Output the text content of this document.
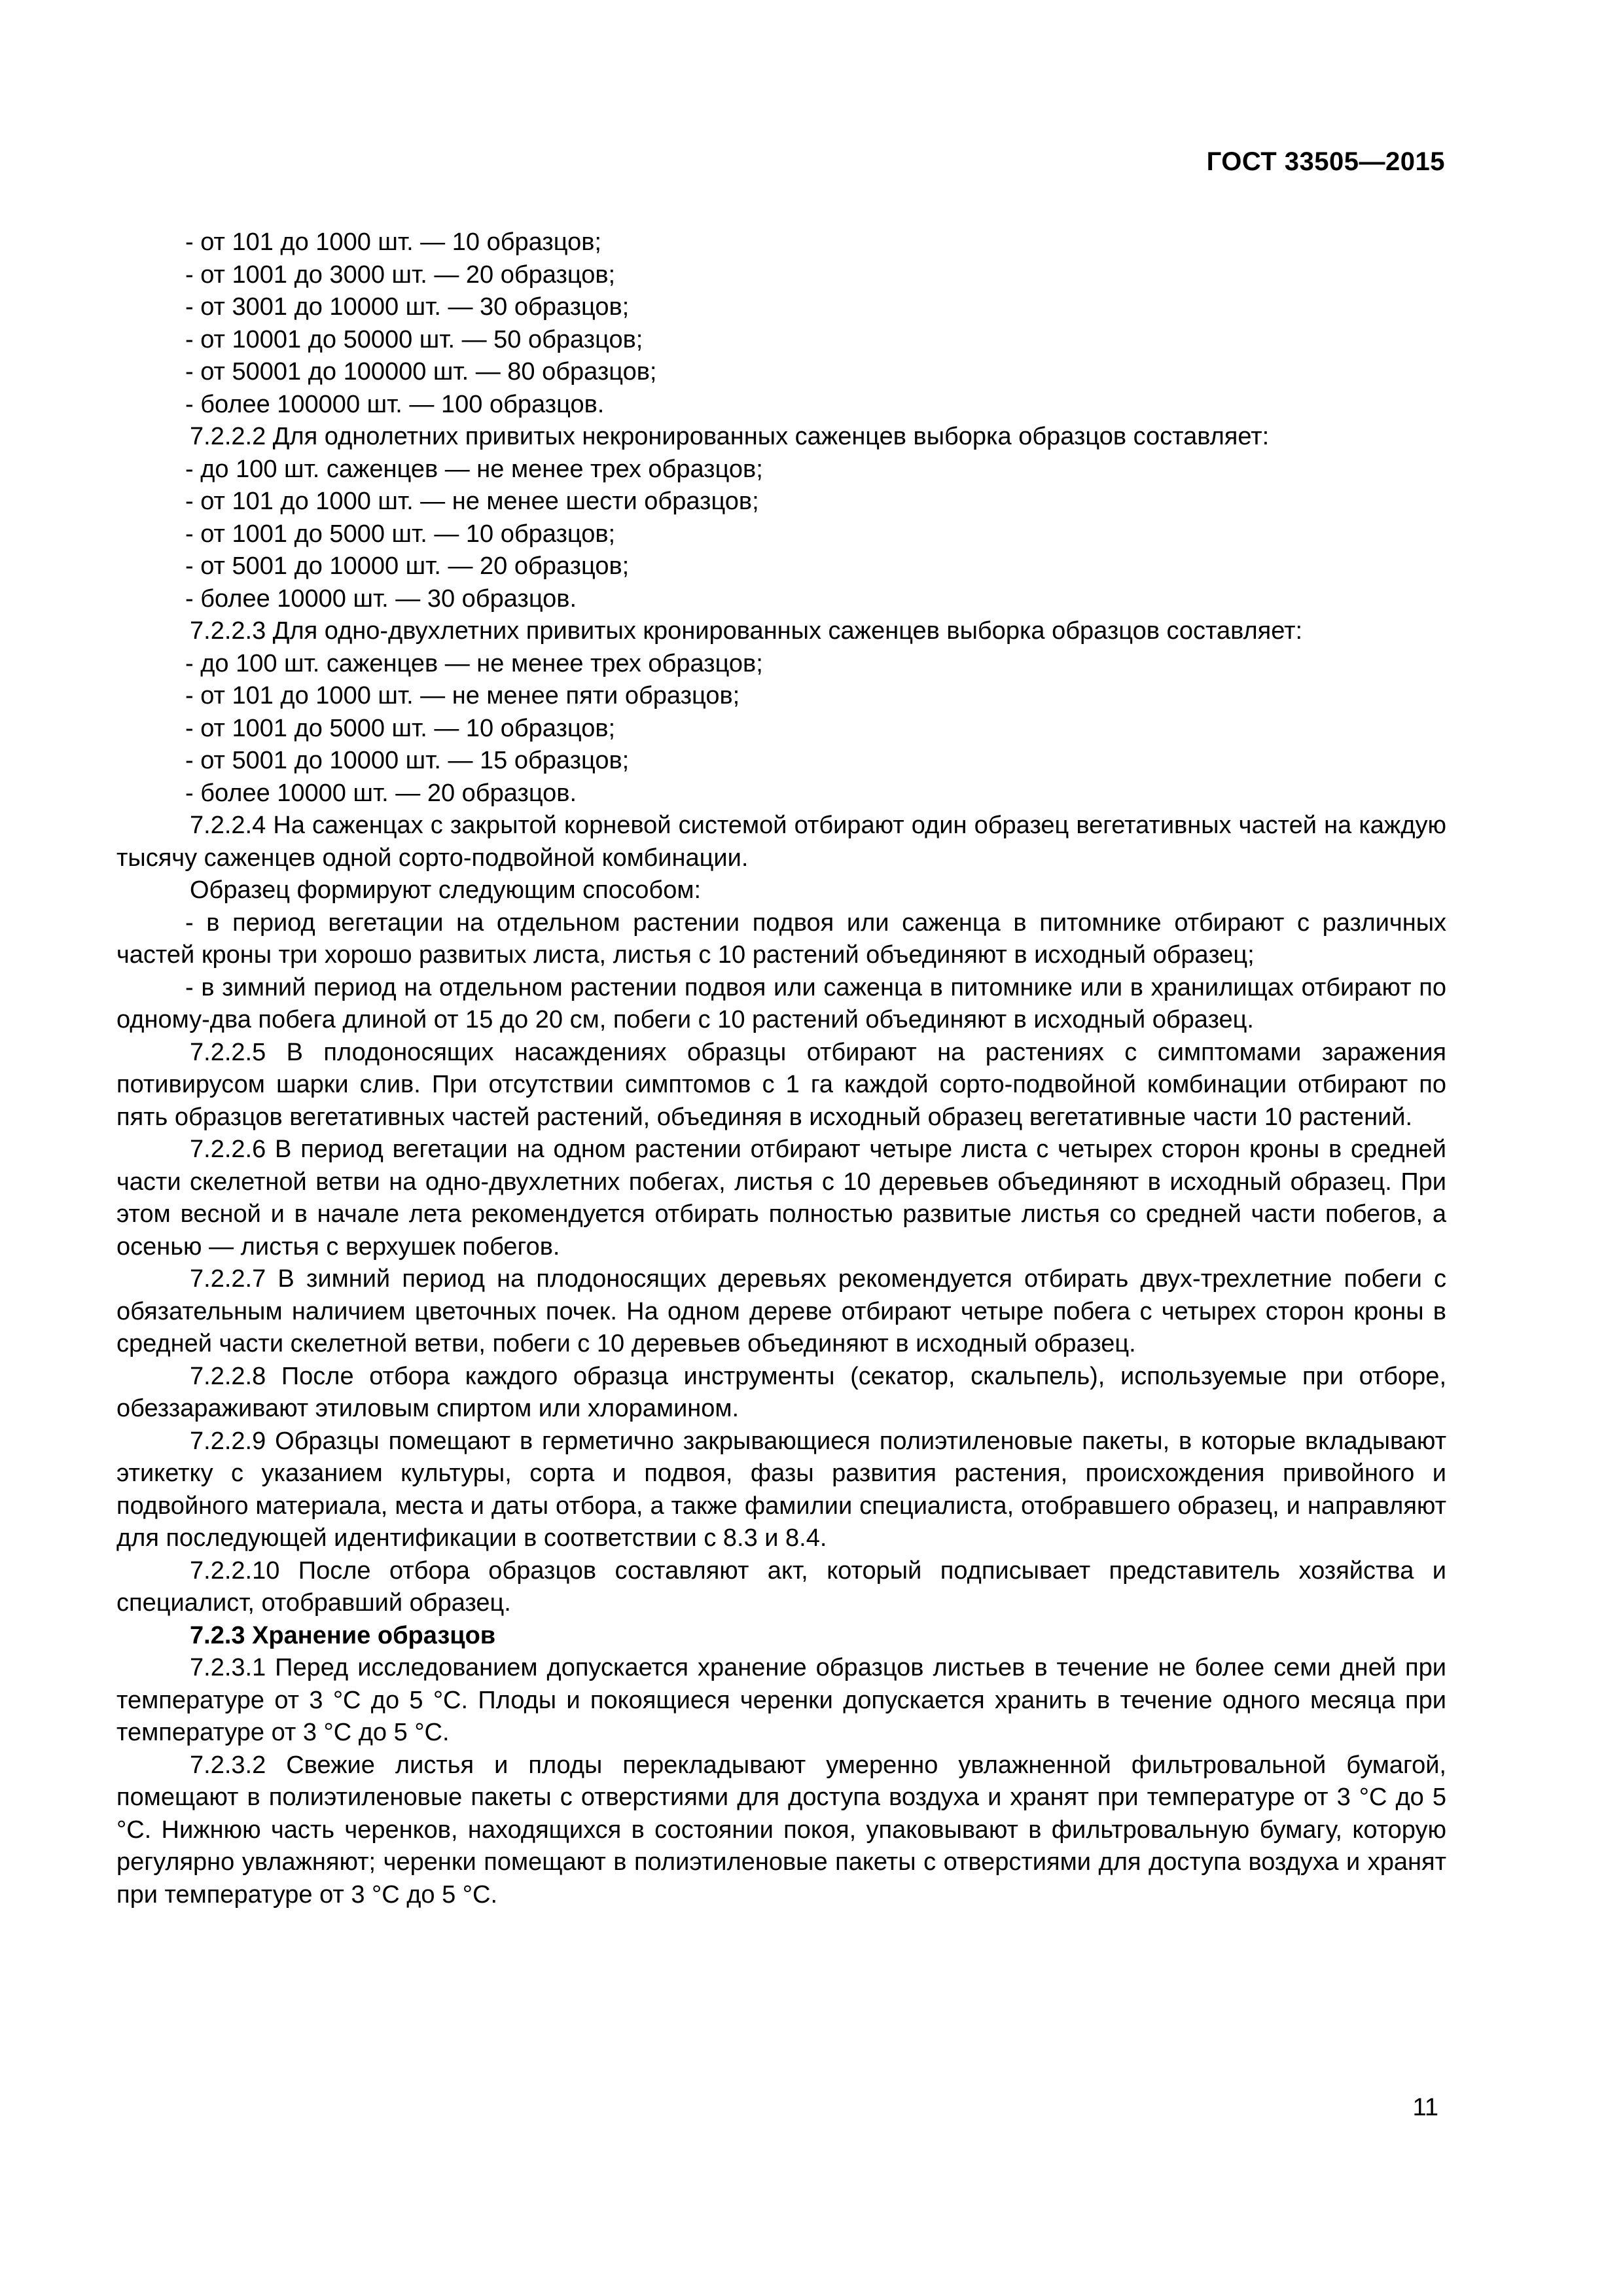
ГОСТ 33505—2015

- от 101 до 1000 шт. — 10 образцов;

- от 1001 до 3000 шт. — 20 образцов;

- от 3001 до 10000 шт. — 30 образцов;

- от 10001 до 50000 шт. — 50 образцов;

- от 50001 до 100000 шт. — 80 образцов;

- более 100000 шт. — 100 образцов.

7.2.2.2 Для однолетних привитых некронированных саженцев выборка образцов составляет:

- до 100 шт. саженцев — не менее трех образцов;

- от 101 до 1000 шт. — не менее шести образцов;

- от 1001 до 5000 шт. — 10 образцов;

- от 5001 до 10000 шт. — 20 образцов;

- более 10000 шт. — 30 образцов.

7.2.2.3 Для одно-двухлетних привитых кронированных саженцев выборка образцов составляет:

- до 100 шт. саженцев — не менее трех образцов;

- от 101 до 1000 шт. — не менее пяти образцов;

- от 1001 до 5000 шт. — 10 образцов;

- от 5001 до 10000 шт. — 15 образцов;

- более 10000 шт. — 20 образцов.

7.2.2.4 На саженцах с закрытой корневой системой отбирают один образец вегетативных частей на каждую тысячу саженцев одной сорто-подвойной комбинации.

Образец формируют следующим способом:

- в период вегетации на отдельном растении подвоя или саженца в питомнике отбирают с различных частей кроны три хорошо развитых листа, листья с 10 растений объединяют в исходный образец;

- в зимний период на отдельном растении подвоя или саженца в питомнике или в хранилищах отбирают по одному-два побега длиной от 15 до 20 см, побеги с 10 растений объединяют в исходный образец.

7.2.2.5 В плодоносящих насаждениях образцы отбирают на растениях с симптомами заражения потивирусом шарки слив. При отсутствии симптомов с 1 га каждой сорто-подвойной комбинации отбирают по пять образцов вегетативных частей растений, объединяя в исходный образец вегетативные части 10 растений.

7.2.2.6 В период вегетации на одном растении отбирают четыре листа с четырех сторон кроны в средней части скелетной ветви на одно-двухлетних побегах, листья с 10 деревьев объединяют в исходный образец. При этом весной и в начале лета рекомендуется отбирать полностью развитые листья со средней части побегов, а осенью — листья с верхушек побегов.

7.2.2.7 В зимний период на плодоносящих деревьях рекомендуется отбирать двух-трехлетние побеги с обязательным наличием цветочных почек. На одном дереве отбирают четыре побега с четырех сторон кроны в средней части скелетной ветви, побеги с 10 деревьев объединяют в исходный образец.

7.2.2.8 После отбора каждого образца инструменты (секатор, скальпель), используемые при отборе, обеззараживают этиловым спиртом или хлорамином.

7.2.2.9 Образцы помещают в герметично закрывающиеся полиэтиленовые пакеты, в которые вкладывают этикетку с указанием культуры, сорта и подвоя, фазы развития растения, происхождения привойного и подвойного материала, места и даты отбора, а также фамилии специалиста, отобравшего образец, и направляют для последующей идентификации в соответствии с 8.3 и 8.4.

7.2.2.10 После отбора образцов составляют акт, который подписывает представитель хозяйства и специалист, отобравший образец.

7.2.3 Хранение образцов

7.2.3.1 Перед исследованием допускается хранение образцов листьев в течение не более семи дней при температуре от 3 °С до 5 °С. Плоды и покоящиеся черенки допускается хранить в течение одного месяца при температуре от 3 °С до 5 °С.

7.2.3.2 Свежие листья и плоды перекладывают умеренно увлажненной фильтровальной бумагой, помещают в полиэтиленовые пакеты с отверстиями для доступа воздуха и хранят при температуре от 3 °С до 5 °С. Нижнюю часть черенков, находящихся в состоянии покоя, упаковывают в фильтровальную бумагу, которую регулярно увлажняют; черенки помещают в полиэтиленовые пакеты с отверстиями для доступа воздуха и хранят при температуре от 3 °С до 5 °С.

11
